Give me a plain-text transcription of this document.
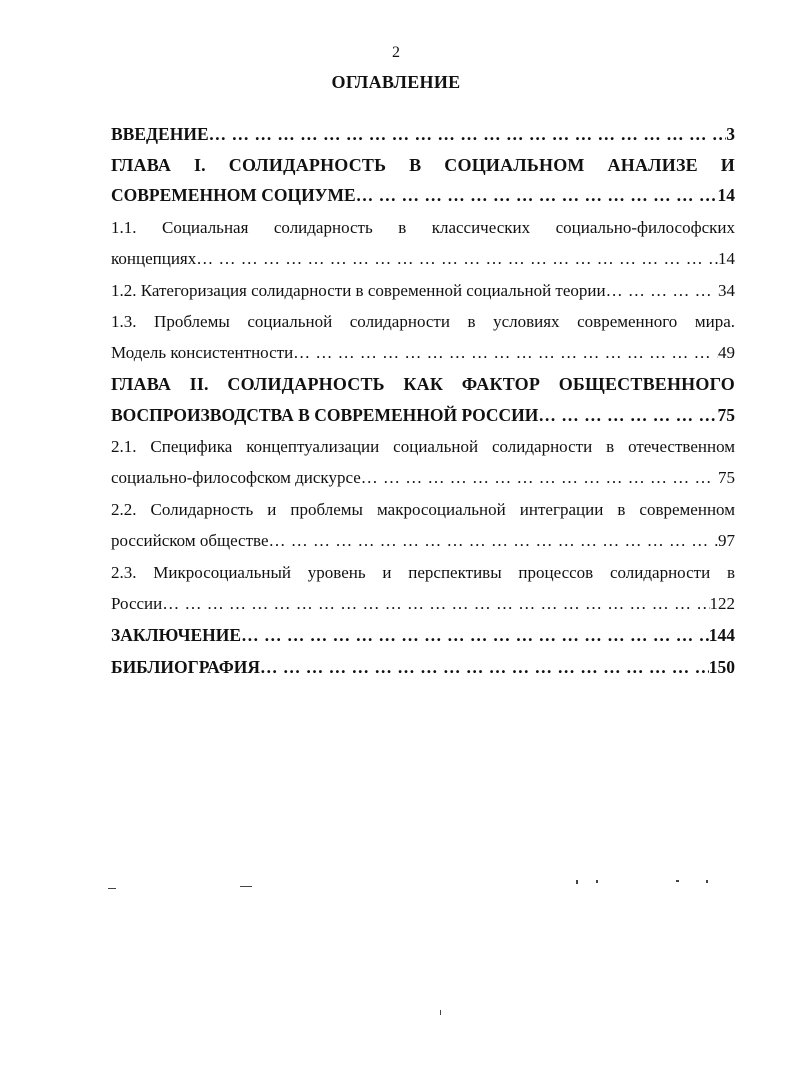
2
ОГЛАВЛЕНИЕ
ВВЕДЕНИЕ … … … … … … … … … … … … … … … … … … … … … … … … … … … … … … … … … … … … … … … … … … … … … … … … … … … … … … … … … …	3
ГЛАВА I. СОЛИДАРНОСТЬ В СОЦИАЛЬНОМ АНАЛИЗЕ И
СОВРЕМЕННОМ СОЦИУМЕ … … … … … … … … … … … … … … … … … … … … … … … … … … … … … … … … … … … … … … … … … … … … … … … … … … … … … … … … … …	14
1.1. Социальная солидарность в классических социально-философских
концепциях … … … … … … … … … … … … … … … … … … … … … … … … … … … … … … … … … … … … … … … … … … … … … … … … … … … … … … … … … …	14
1.2. Категоризация солидарности в современной социальной теории … … … … … … … … … … … … … … … … … … … … … … … … … … … … … … … … … … … … … … … … … … … … … … … … … … … … … … … … … …	34
1.3. Проблемы социальной солидарности в условиях современного мира.
Модель консистентности … … … … … … … … … … … … … … … … … … … … … … … … … … … … … … … … … … … … … … … … … … … … … … … … … … … … … … … … … …	49
ГЛАВА II. СОЛИДАРНОСТЬ КАК ФАКТОР ОБЩЕСТВЕННОГО
ВОСПРОИЗВОДСТВА В СОВРЕМЕННОЙ РОССИИ … … … … … … … … … … … … … … … … … … … … … … … … … … … … … … … … … … … … … … … … … … … … … … … … … … … … … … … … … …	75
2.1. Специфика концептуализации социальной солидарности в отечественном
социально-философском дискурсе … … … … … … … … … … … … … … … … … … … … … … … … … … … … … … … … … … … … … … … … … … … … … … … … … … … … … … … … … …	75
2.2. Солидарность и проблемы макросоциальной интеграции в современном
российском обществе … … … … … … … … … … … … … … … … … … … … … … … … … … … … … … … … … … … … … … … … … … … … … … … … … … … … … … … … … …	97
2.3. Микросоциальный уровень и перспективы процессов солидарности в
России … … … … … … … … … … … … … … … … … … … … … … … … … … … … … … … … … … … … … … … … … … … … … … … … … … … … … … … … … …	122
ЗАКЛЮЧЕНИЕ … … … … … … … … … … … … … … … … … … … … … … … … … … … … … … … … … … … … … … … … … … … … … … … … … … … … … … … … … …	144
БИБЛИОГРАФИЯ … … … … … … … … … … … … … … … … … … … … … … … … … … … … … … … … … … … … … … … … … … … … … … … … … … … … … … … … … …	150
